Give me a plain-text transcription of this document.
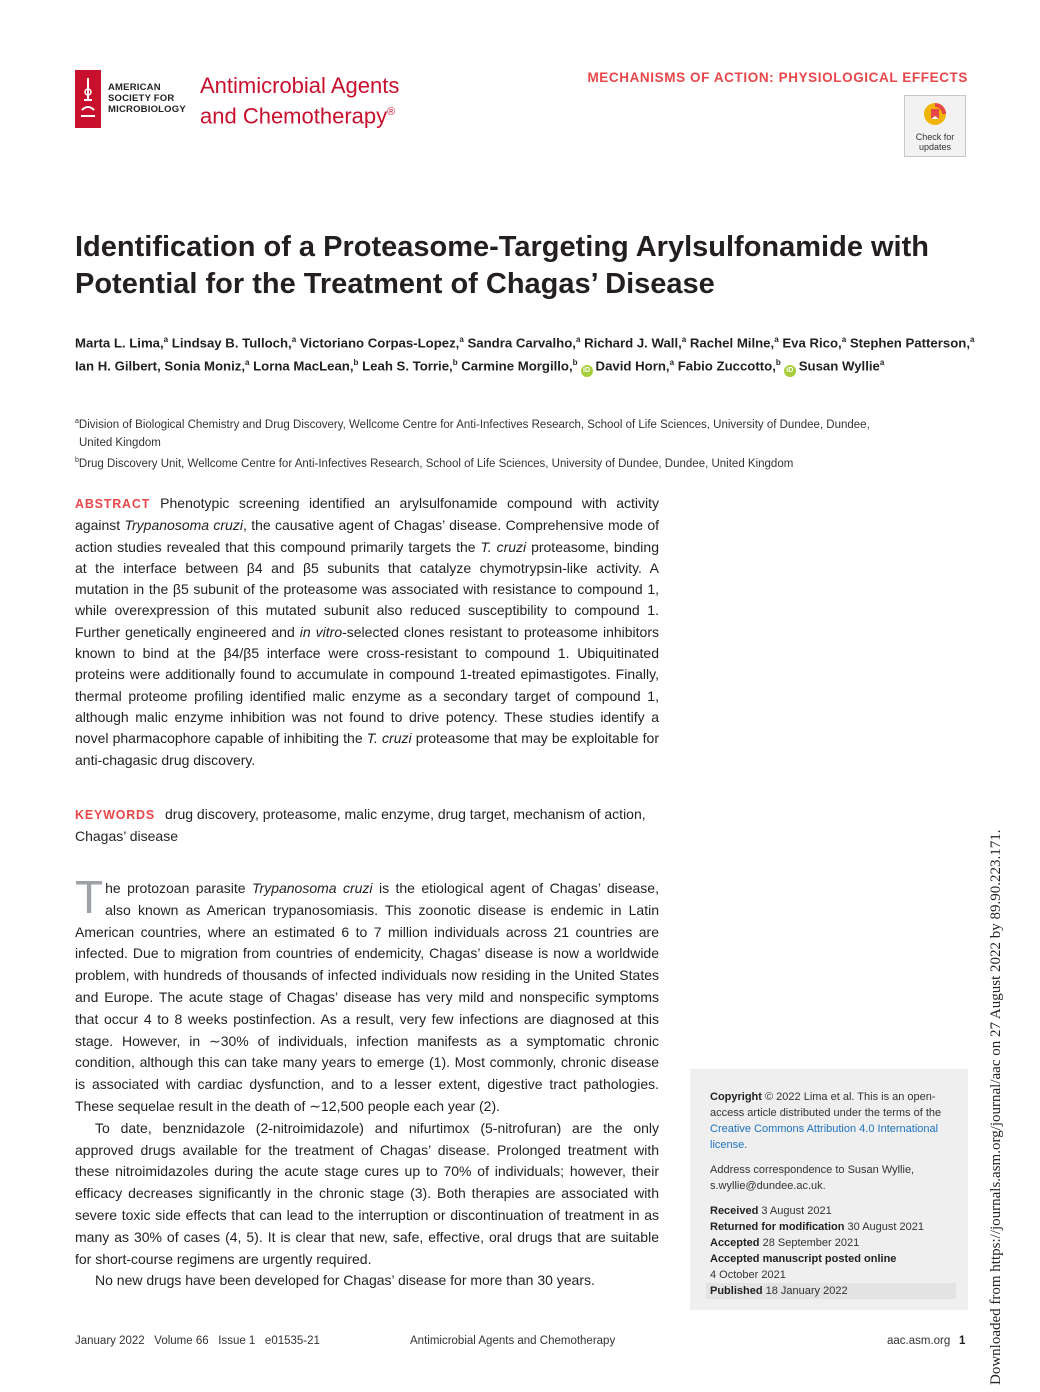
AMERICAN
SOCIETY FOR
MICROBIOLOGY
Antimicrobial Agents
and Chemotherapy®
MECHANISMS OF ACTION: PHYSIOLOGICAL EFFECTS
Check for
updates
Identification of a Proteasome-Targeting Arylsulfonamide with Potential for the Treatment of Chagas’ Disease
Marta L. Lima,$^a$ Lindsay B. Tulloch,$^a$ Victoriano Corpas-Lopez,$^a$ Sandra Carvalho,$^a$ Richard J. Wall,$^a$ Rachel Milne,$^a$ Eva Rico,$^a$ Stephen Patterson,$^a$ Ian H. Gilbert, Sonia Moniz,$^a$ Lorna MacLean,$^b$ Leah S. Torrie,$^b$ Carmine Morgillo,$^b$iD David Horn,$^a$ Fabio Zuccotto,$^b$iD Susan Wyllie$^a$
$^a$Division of Biological Chemistry and Drug Discovery, Wellcome Centre for Anti-Infectives Research, School of Life Sciences, University of Dundee, Dundee,
United Kingdom
$^b$Drug Discovery Unit, Wellcome Centre for Anti-Infectives Research, School of Life Sciences, University of Dundee, Dundee, United Kingdom
ABSTRACT Phenotypic screening identified an arylsulfonamide compound with activity against Trypanosoma cruzi, the causative agent of Chagas’ disease. Comprehensive mode of action studies revealed that this compound primarily targets the T. cruzi proteasome, binding at the interface between β4 and β5 subunits that catalyze chymotrypsin-like activity. A mutation in the β5 subunit of the proteasome was associated with resistance to compound 1, while overexpression of this mutated subunit also reduced susceptibility to compound 1. Further genetically engineered and in vitro-selected clones resistant to proteasome inhibitors known to bind at the β4/β5 interface were cross-resistant to compound 1. Ubiquitinated proteins were additionally found to accumulate in compound 1-treated epimastigotes. Finally, thermal proteome profiling identified malic enzyme as a secondary target of compound 1, although malic enzyme inhibition was not found to drive potency. These studies identify a novel pharmacophore capable of inhibiting the T. cruzi proteasome that may be exploitable for anti-chagasic drug discovery.
KEYWORDS drug discovery, proteasome, malic enzyme, drug target, mechanism of action, Chagas’ disease

The protozoan parasite Trypanosoma cruzi is the etiological agent of Chagas’ disease, also known as American trypanosomiasis. This zoonotic disease is endemic in Latin American countries, where an estimated 6 to 7 million individuals across 21 countries are infected. Due to migration from countries of endemicity, Chagas’ disease is now a worldwide problem, with hundreds of thousands of infected individuals now residing in the United States and Europe. The acute stage of Chagas’ disease has very mild and nonspecific symptoms that occur 4 to 8 weeks postinfection. As a result, very few infections are diagnosed at this stage. However, in ∼30% of individuals, infection manifests as a symptomatic chronic condition, although this can take many years to emerge (1). Most commonly, chronic disease is associated with cardiac dysfunction, and to a lesser extent, digestive tract pathologies. These sequelae result in the death of ∼12,500 people each year (2).

To date, benznidazole (2-nitroimidazole) and nifurtimox (5-nitrofuran) are the only approved drugs available for the treatment of Chagas’ disease. Prolonged treatment with these nitroimidazoles during the acute stage cures up to 70% of individuals; however, their efficacy decreases significantly in the chronic stage (3). Both therapies are associated with severe toxic side effects that can lead to the interruption or discontinuation of treatment in as many as 30% of cases (4, 5). It is clear that new, safe, effective, oral drugs that are suitable for short-course regimens are urgently required.

No new drugs have been developed for Chagas’ disease for more than 30 years.

Copyright © 2022 Lima et al. This is an open-access article distributed under the terms of the Creative Commons Attribution 4.0 International license.
Address correspondence to Susan Wyllie, s.wyllie@dundee.ac.uk.
Received 3 August 2021
Returned for modification 30 August 2021
Accepted 28 September 2021
Accepted manuscript posted online
4 October 2021
Published 18 January 2022
January 2022 Volume 66 Issue 1 e01535-21	Antimicrobial Agents and Chemotherapy	aac.asm.org 1 Downloaded from https://journals.asm.org/journal/aac on 27 August 2022 by 89.90.223.171.
